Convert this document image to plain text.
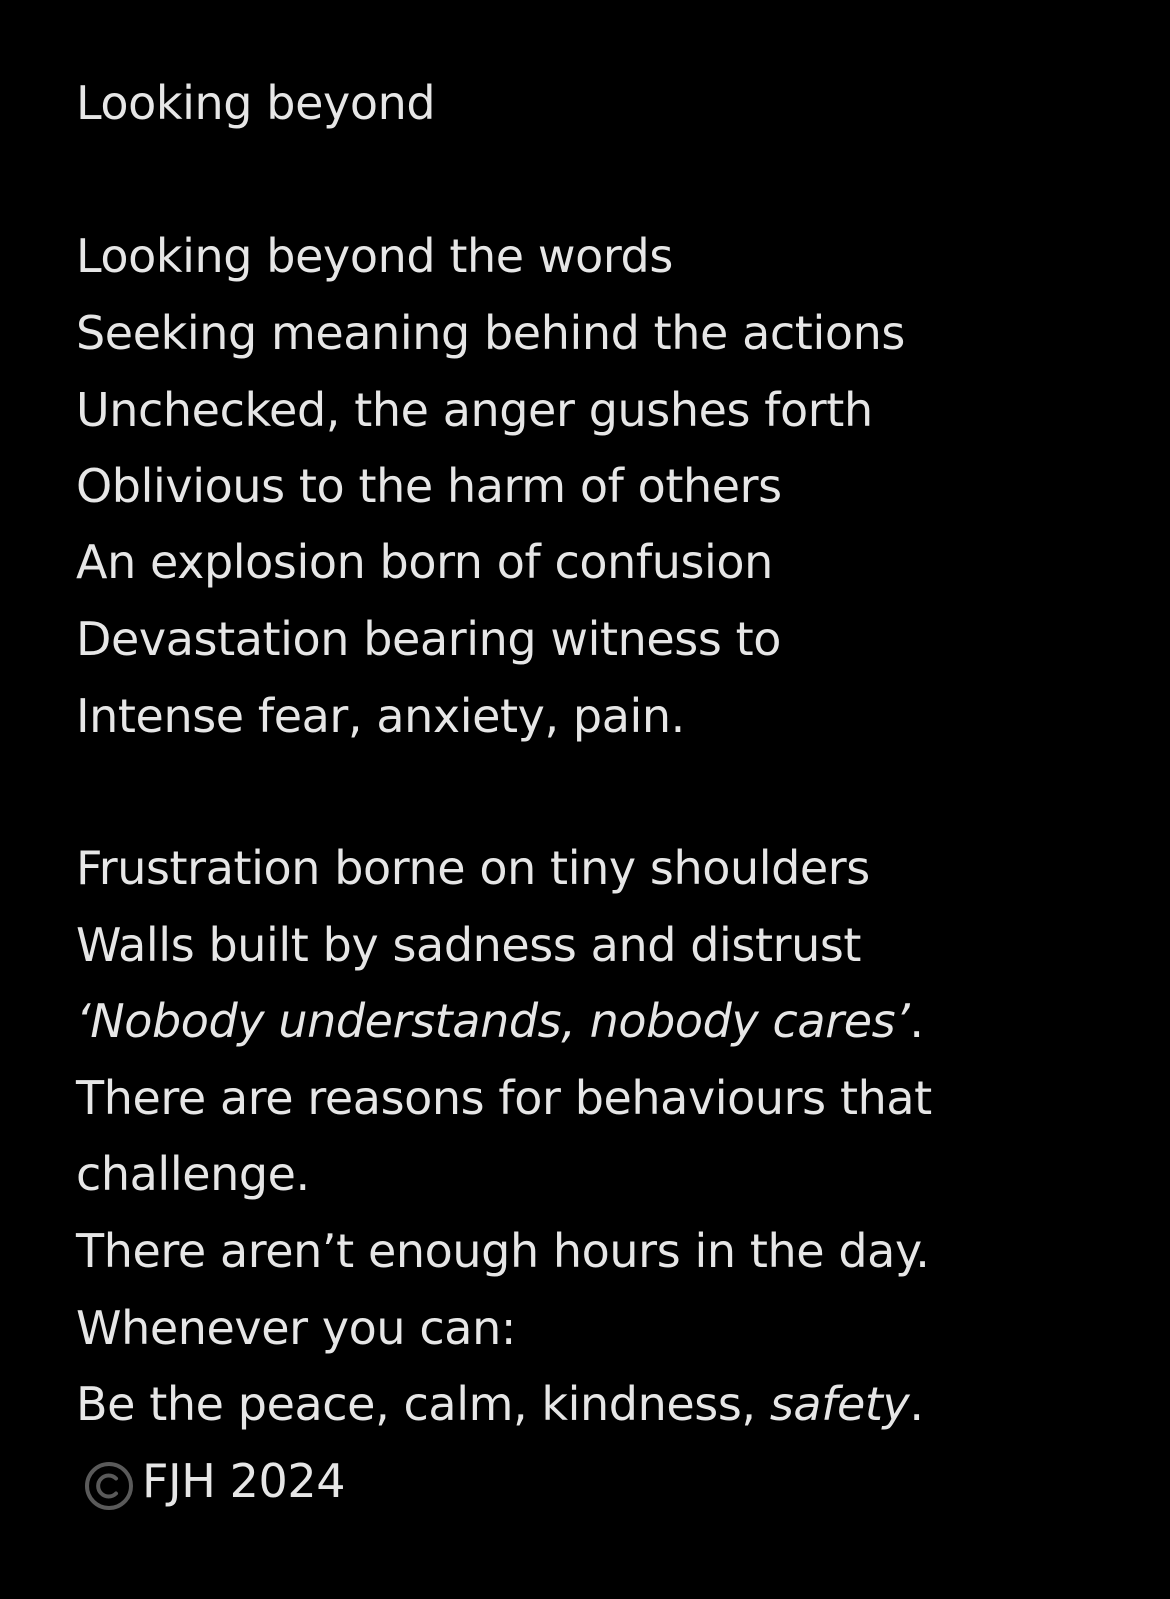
Looking beyond
Looking beyond the words
Seeking meaning behind the actions
Unchecked, the anger gushes forth
Oblivious to the harm of others
An explosion born of confusion
Devastation bearing witness to
Intense fear, anxiety, pain.
Frustration borne on tiny shoulders
Walls built by sadness and distrust
‘Nobody understands, nobody cares’.
There are reasons for behaviours that
challenge.
There aren’t enough hours in the day.
Whenever you can:
Be the peace, calm, kindness, safety.
FJH 2024
